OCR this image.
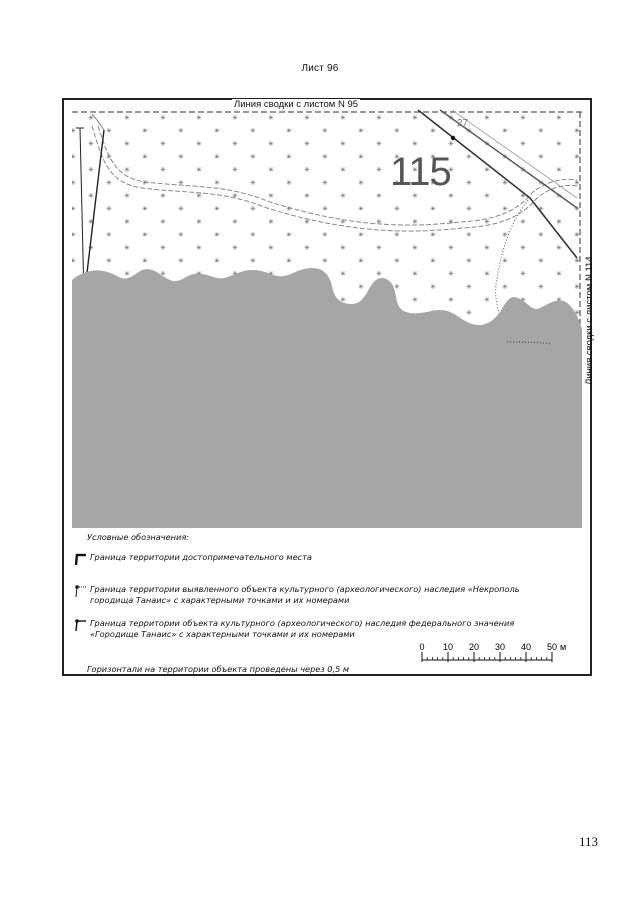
Лист 96
Линия сводки с листом N 95
Линия сводки с листом N 114
115
27
Условные обозначения:
Граница территории достопримечательного места
Граница территории выявленного объекта культурного (археологического) наследия «Некрополь городища Танаис» с характерными точками и их номерами
Граница территории объекта культурного (археологического) наследия федерального значения «Городище Танаис» с характерными точками и их номерами
Горизонтали на территории объекта проведены через 0,5 м
0 10 20 30 40 50 м
113
